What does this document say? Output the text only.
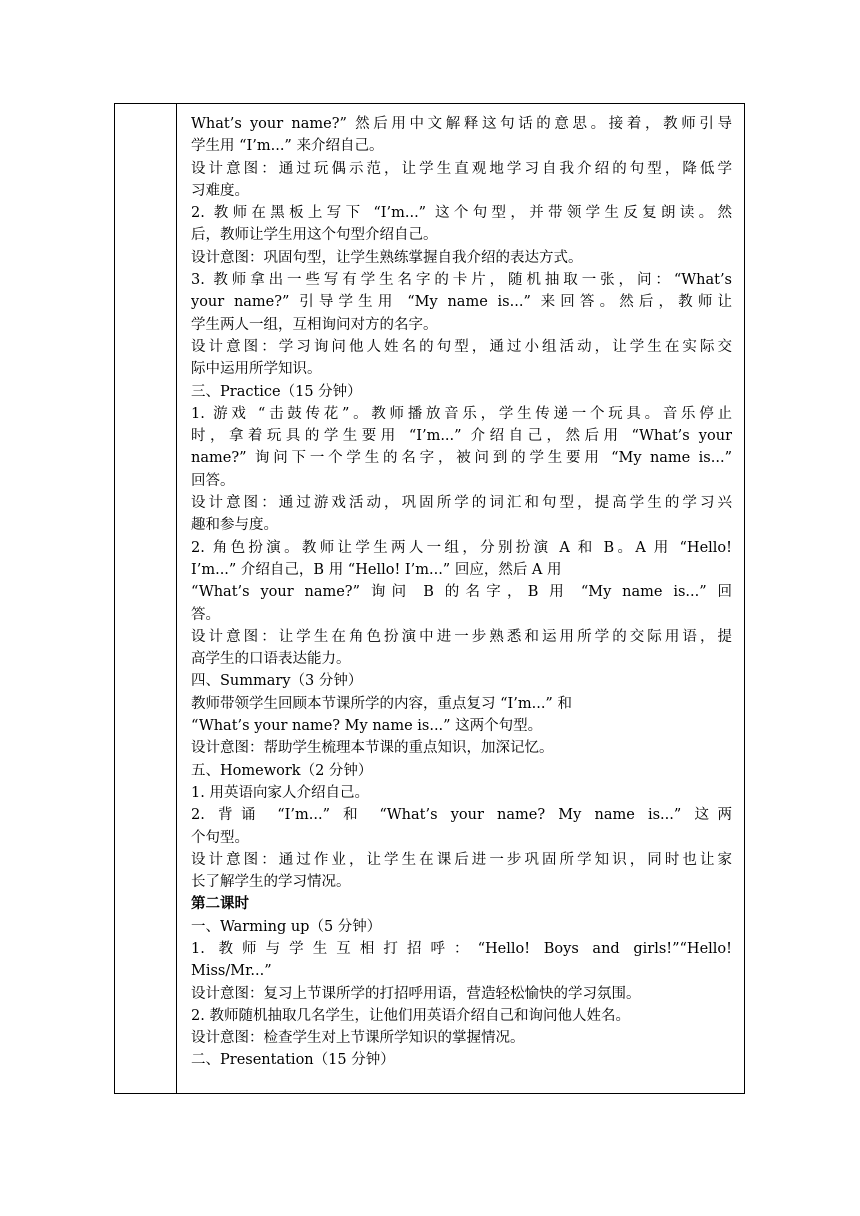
What’s your name?” 然后用中文解释这句话的意思。接着，教师引导
学生用 “I’m...” 来介绍自己。
设计意图：通过玩偶示范，让学生直观地学习自我介绍的句型，降低学
习难度。
2. 教师在黑板上写下 “I’m...” 这个句型，并带领学生反复朗读。然
后，教师让学生用这个句型介绍自己。
设计意图：巩固句型，让学生熟练掌握自我介绍的表达方式。
3. 教师拿出一些写有学生名字的卡片，随机抽取一张，问：“What’s
your name?” 引导学生用 “My name is...” 来回答。然后，教师让
学生两人一组，互相询问对方的名字。
设计意图：学习询问他人姓名的句型，通过小组活动，让学生在实际交
际中运用所学知识。
三、Practice（15 分钟）
1. 游戏 “击鼓传花”。教师播放音乐，学生传递一个玩具。音乐停止
时，拿着玩具的学生要用 “I’m...” 介绍自己，然后用 “What’s your
name?” 询问下一个学生的名字，被问到的学生要用 “My name is...”
回答。
设计意图：通过游戏活动，巩固所学的词汇和句型，提高学生的学习兴
趣和参与度。
2. 角色扮演。教师让学生两人一组，分别扮演 A 和 B。A 用 “Hello!
I’m...” 介绍自己，B 用 “Hello! I’m...” 回应，然后 A 用
“What’s your name?” 询问 B 的名字，B 用 “My name is...” 回
答。
设计意图：让学生在角色扮演中进一步熟悉和运用所学的交际用语，提
高学生的口语表达能力。
四、Summary（3 分钟）
教师带领学生回顾本节课所学的内容，重点复习 “I’m...” 和
“What’s your name? My name is...” 这两个句型。
设计意图：帮助学生梳理本节课的重点知识，加深记忆。
五、Homework（2 分钟）
1. 用英语向家人介绍自己。
2. 背诵 “I’m...” 和 “What’s your name? My name is...” 这两
个句型。
设计意图：通过作业，让学生在课后进一步巩固所学知识，同时也让家
长了解学生的学习情况。
第二课时
一、Warming up（5 分钟）
1. 教师与学生互相打招呼：“Hello! Boys and girls!”“Hello!
Miss/Mr...”
设计意图：复习上节课所学的打招呼用语，营造轻松愉快的学习氛围。
2. 教师随机抽取几名学生，让他们用英语介绍自己和询问他人姓名。
设计意图：检查学生对上节课所学知识的掌握情况。
二、Presentation（15 分钟）
